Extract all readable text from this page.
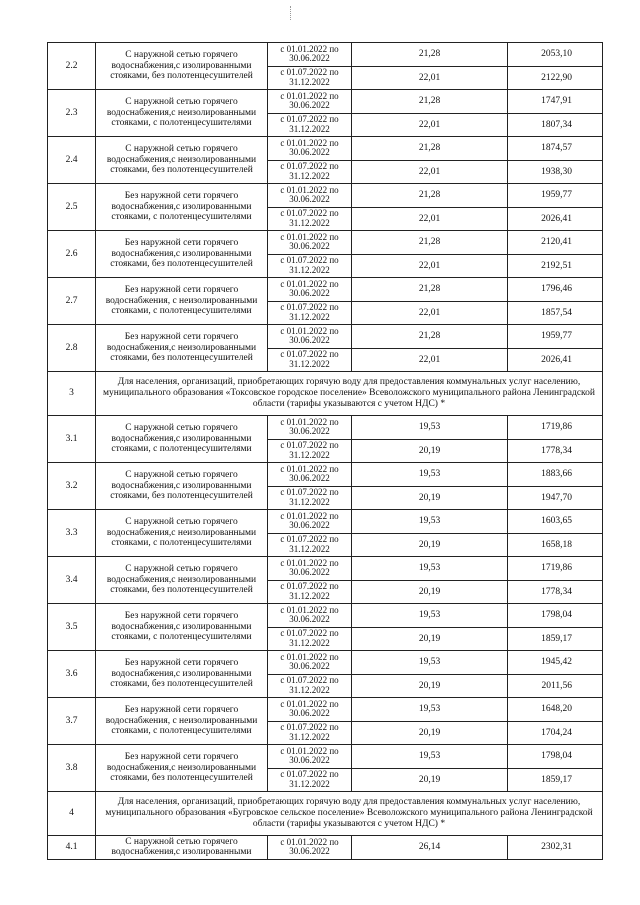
2.2	С наружной сетью горячего водоснабжения,с изолированными стояками, без полотенцесушителей	с 01.01.2022 по 30.06.2022	21,28	2053,10
		с 01.07.2022 по 31.12.2022	22,01	2122,90
2.3	С наружной сетью горячего водоснабжения,с неизолированными стояками, с полотенцесушителями	с 01.01.2022 по 30.06.2022	21,28	1747,91
		с 01.07.2022 по 31.12.2022	22,01	1807,34
2.4	С наружной сетью горячего водоснабжения,с неизолированными стояками, без полотенцесушителей	с 01.01.2022 по 30.06.2022	21,28	1874,57
		с 01.07.2022 по 31.12.2022	22,01	1938,30
2.5	Без наружной сети горячего водоснабжения,с изолированными стояками, с полотенцесушителями	с 01.01.2022 по 30.06.2022	21,28	1959,77
		с 01.07.2022 по 31.12.2022	22,01	2026,41
2.6	Без наружной сети горячего водоснабжения,с изолированными стояками, без полотенцесушителей	с 01.01.2022 по 30.06.2022	21,28	2120,41
		с 01.07.2022 по 31.12.2022	22,01	2192,51
2.7	Без наружной сети горячего водоснабжения, с неизолированными стояками, с полотенцесушителями	с 01.01.2022 по 30.06.2022	21,28	1796,46
		с 01.07.2022 по 31.12.2022	22,01	1857,54
2.8	Без наружной сети горячего водоснабжения,с неизолированными стояками, без полотенцесушителей	с 01.01.2022 по 30.06.2022	21,28	1959,77
		с 01.07.2022 по 31.12.2022	22,01	2026,41
3	Для населения, организаций, приобретающих горячую воду для предоставления коммунальных услуг населению, муниципального образования «Токсовское городское поселение» Всеволожского муниципального района Ленинградской области (тарифы указываются с учетом НДС) *			
3.1	С наружной сетью горячего водоснабжения,с изолированными стояками, с полотенцесушителями	с 01.01.2022 по 30.06.2022	19,53	1719,86
		с 01.07.2022 по 31.12.2022	20,19	1778,34
3.2	С наружной сетью горячего водоснабжения,с изолированными стояками, без полотенцесушителей	с 01.01.2022 по 30.06.2022	19,53	1883,66
		с 01.07.2022 по 31.12.2022	20,19	1947,70
3.3	С наружной сетью горячего водоснабжения,с неизолированными стояками, с полотенцесушителями	с 01.01.2022 по 30.06.2022	19,53	1603,65
		с 01.07.2022 по 31.12.2022	20,19	1658,18
3.4	С наружной сетью горячего водоснабжения,с неизолированными стояками, без полотенцесушителей	с 01.01.2022 по 30.06.2022	19,53	1719,86
		с 01.07.2022 по 31.12.2022	20,19	1778,34
3.5	Без наружной сети горячего водоснабжения,с изолированными стояками, с полотенцесушителями	с 01.01.2022 по 30.06.2022	19,53	1798,04
		с 01.07.2022 по 31.12.2022	20,19	1859,17
3.6	Без наружной сети горячего водоснабжения,с изолированными стояками, без полотенцесушителей	с 01.01.2022 по 30.06.2022	19,53	1945,42
		с 01.07.2022 по 31.12.2022	20,19	2011,56
3.7	Без наружной сети горячего водоснабжения, с неизолированными стояками, с полотенцесушителями	с 01.01.2022 по 30.06.2022	19,53	1648,20
		с 01.07.2022 по 31.12.2022	20,19	1704,24
3.8	Без наружной сети горячего водоснабжения,с неизолированными стояками, без полотенцесушителей	с 01.01.2022 по 30.06.2022	19,53	1798,04
		с 01.07.2022 по 31.12.2022	20,19	1859,17
4	Для населения, организаций, приобретающих горячую воду для предоставления коммунальных услуг населению, муниципального образования «Бугровское сельское поселение» Всеволожского муниципального района Ленинградской области (тарифы указываются с учетом НДС) *			
4.1	С наружной сетью горячего водоснабжения,с изолированными	с 01.01.2022 по 30.06.2022	26,14	2302,31
